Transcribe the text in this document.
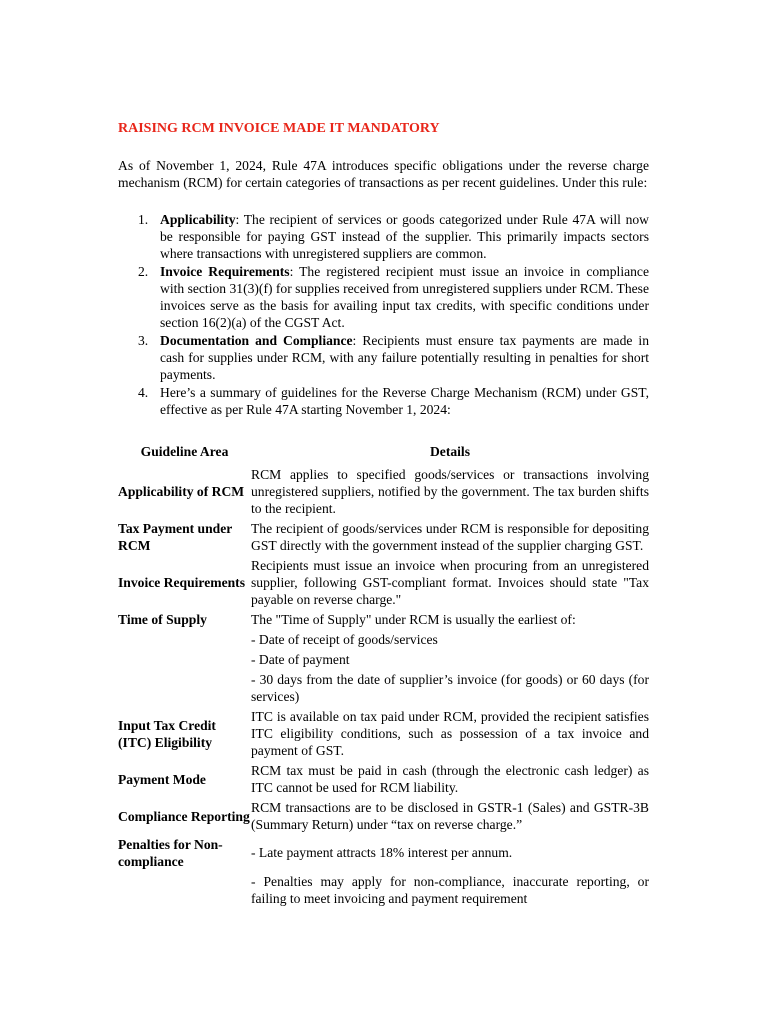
RAISING RCM INVOICE MADE IT MANDATORY

As of November 1, 2024, Rule 47A introduces specific obligations under the reverse charge mechanism (RCM) for certain categories of transactions as per recent guidelines. Under this rule:

1. Applicability: The recipient of services or goods categorized under Rule 47A will now be responsible for paying GST instead of the supplier. This primarily impacts sectors where transactions with unregistered suppliers are common.
2. Invoice Requirements: The registered recipient must issue an invoice in compliance with section 31(3)(f) for supplies received from unregistered suppliers under RCM. These invoices serve as the basis for availing input tax credits, with specific conditions under section 16(2)(a) of the CGST Act.
3. Documentation and Compliance: Recipients must ensure tax payments are made in cash for supplies under RCM, with any failure potentially resulting in penalties for short payments.
4. Here’s a summary of guidelines for the Reverse Charge Mechanism (RCM) under GST, effective as per Rule 47A starting November 1, 2024:
Guideline Area	Details
Applicability of RCM	RCM applies to specified goods/services or transactions involving unregistered suppliers, notified by the government. The tax burden shifts to the recipient.

Tax Payment under RCM	The recipient of goods/services under RCM is responsible for depositing GST directly with the government instead of the supplier charging GST.

Invoice Requirements	Recipients must issue an invoice when procuring from an unregistered supplier, following GST-compliant format. Invoices should state "Tax payable on reverse charge."

Time of Supply	The "Time of Supply" under RCM is usually the earliest of:

- Date of receipt of goods/services

- Date of payment

- 30 days from the date of supplier’s invoice (for goods) or 60 days (for services)

Input Tax Credit (ITC) Eligibility	ITC is available on tax paid under RCM, provided the recipient satisfies ITC eligibility conditions, such as possession of a tax invoice and payment of GST.

Payment Mode	RCM tax must be paid in cash (through the electronic cash ledger) as ITC cannot be used for RCM liability.

Compliance Reporting	RCM transactions are to be disclosed in GSTR-1 (Sales) and GSTR-3B (Summary Return) under “tax on reverse charge.”

Penalties for Non-compliance	- Late payment attracts 18% interest per annum.

- Penalties may apply for non-compliance, inaccurate reporting, or failing to meet invoicing and payment requirement
